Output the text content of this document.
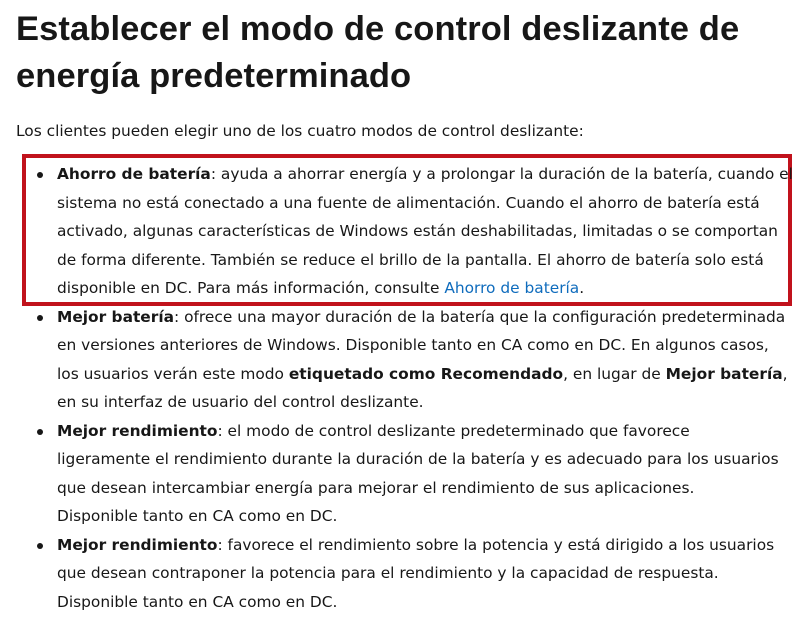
Establecer el modo de control deslizante de
energía predeterminado

Los clientes pueden elegir uno de los cuatro modos de control deslizante:

Ahorro de batería: ayuda a ahorrar energía y a prolongar la duración de la batería, cuando el
sistema no está conectado a una fuente de alimentación. Cuando el ahorro de batería está
activado, algunas características de Windows están deshabilitadas, limitadas o se comportan
de forma diferente. También se reduce el brillo de la pantalla. El ahorro de batería solo está
disponible en DC. Para más información, consulte Ahorro de batería.
Mejor batería: ofrece una mayor duración de la batería que la configuración predeterminada
en versiones anteriores de Windows. Disponible tanto en CA como en DC. En algunos casos,
los usuarios verán este modo etiquetado como Recomendado, en lugar de Mejor batería,
en su interfaz de usuario del control deslizante.
Mejor rendimiento: el modo de control deslizante predeterminado que favorece
ligeramente el rendimiento durante la duración de la batería y es adecuado para los usuarios
que desean intercambiar energía para mejorar el rendimiento de sus aplicaciones.
Disponible tanto en CA como en DC.
Mejor rendimiento: favorece el rendimiento sobre la potencia y está dirigido a los usuarios
que desean contraponer la potencia para el rendimiento y la capacidad de respuesta.
Disponible tanto en CA como en DC.
